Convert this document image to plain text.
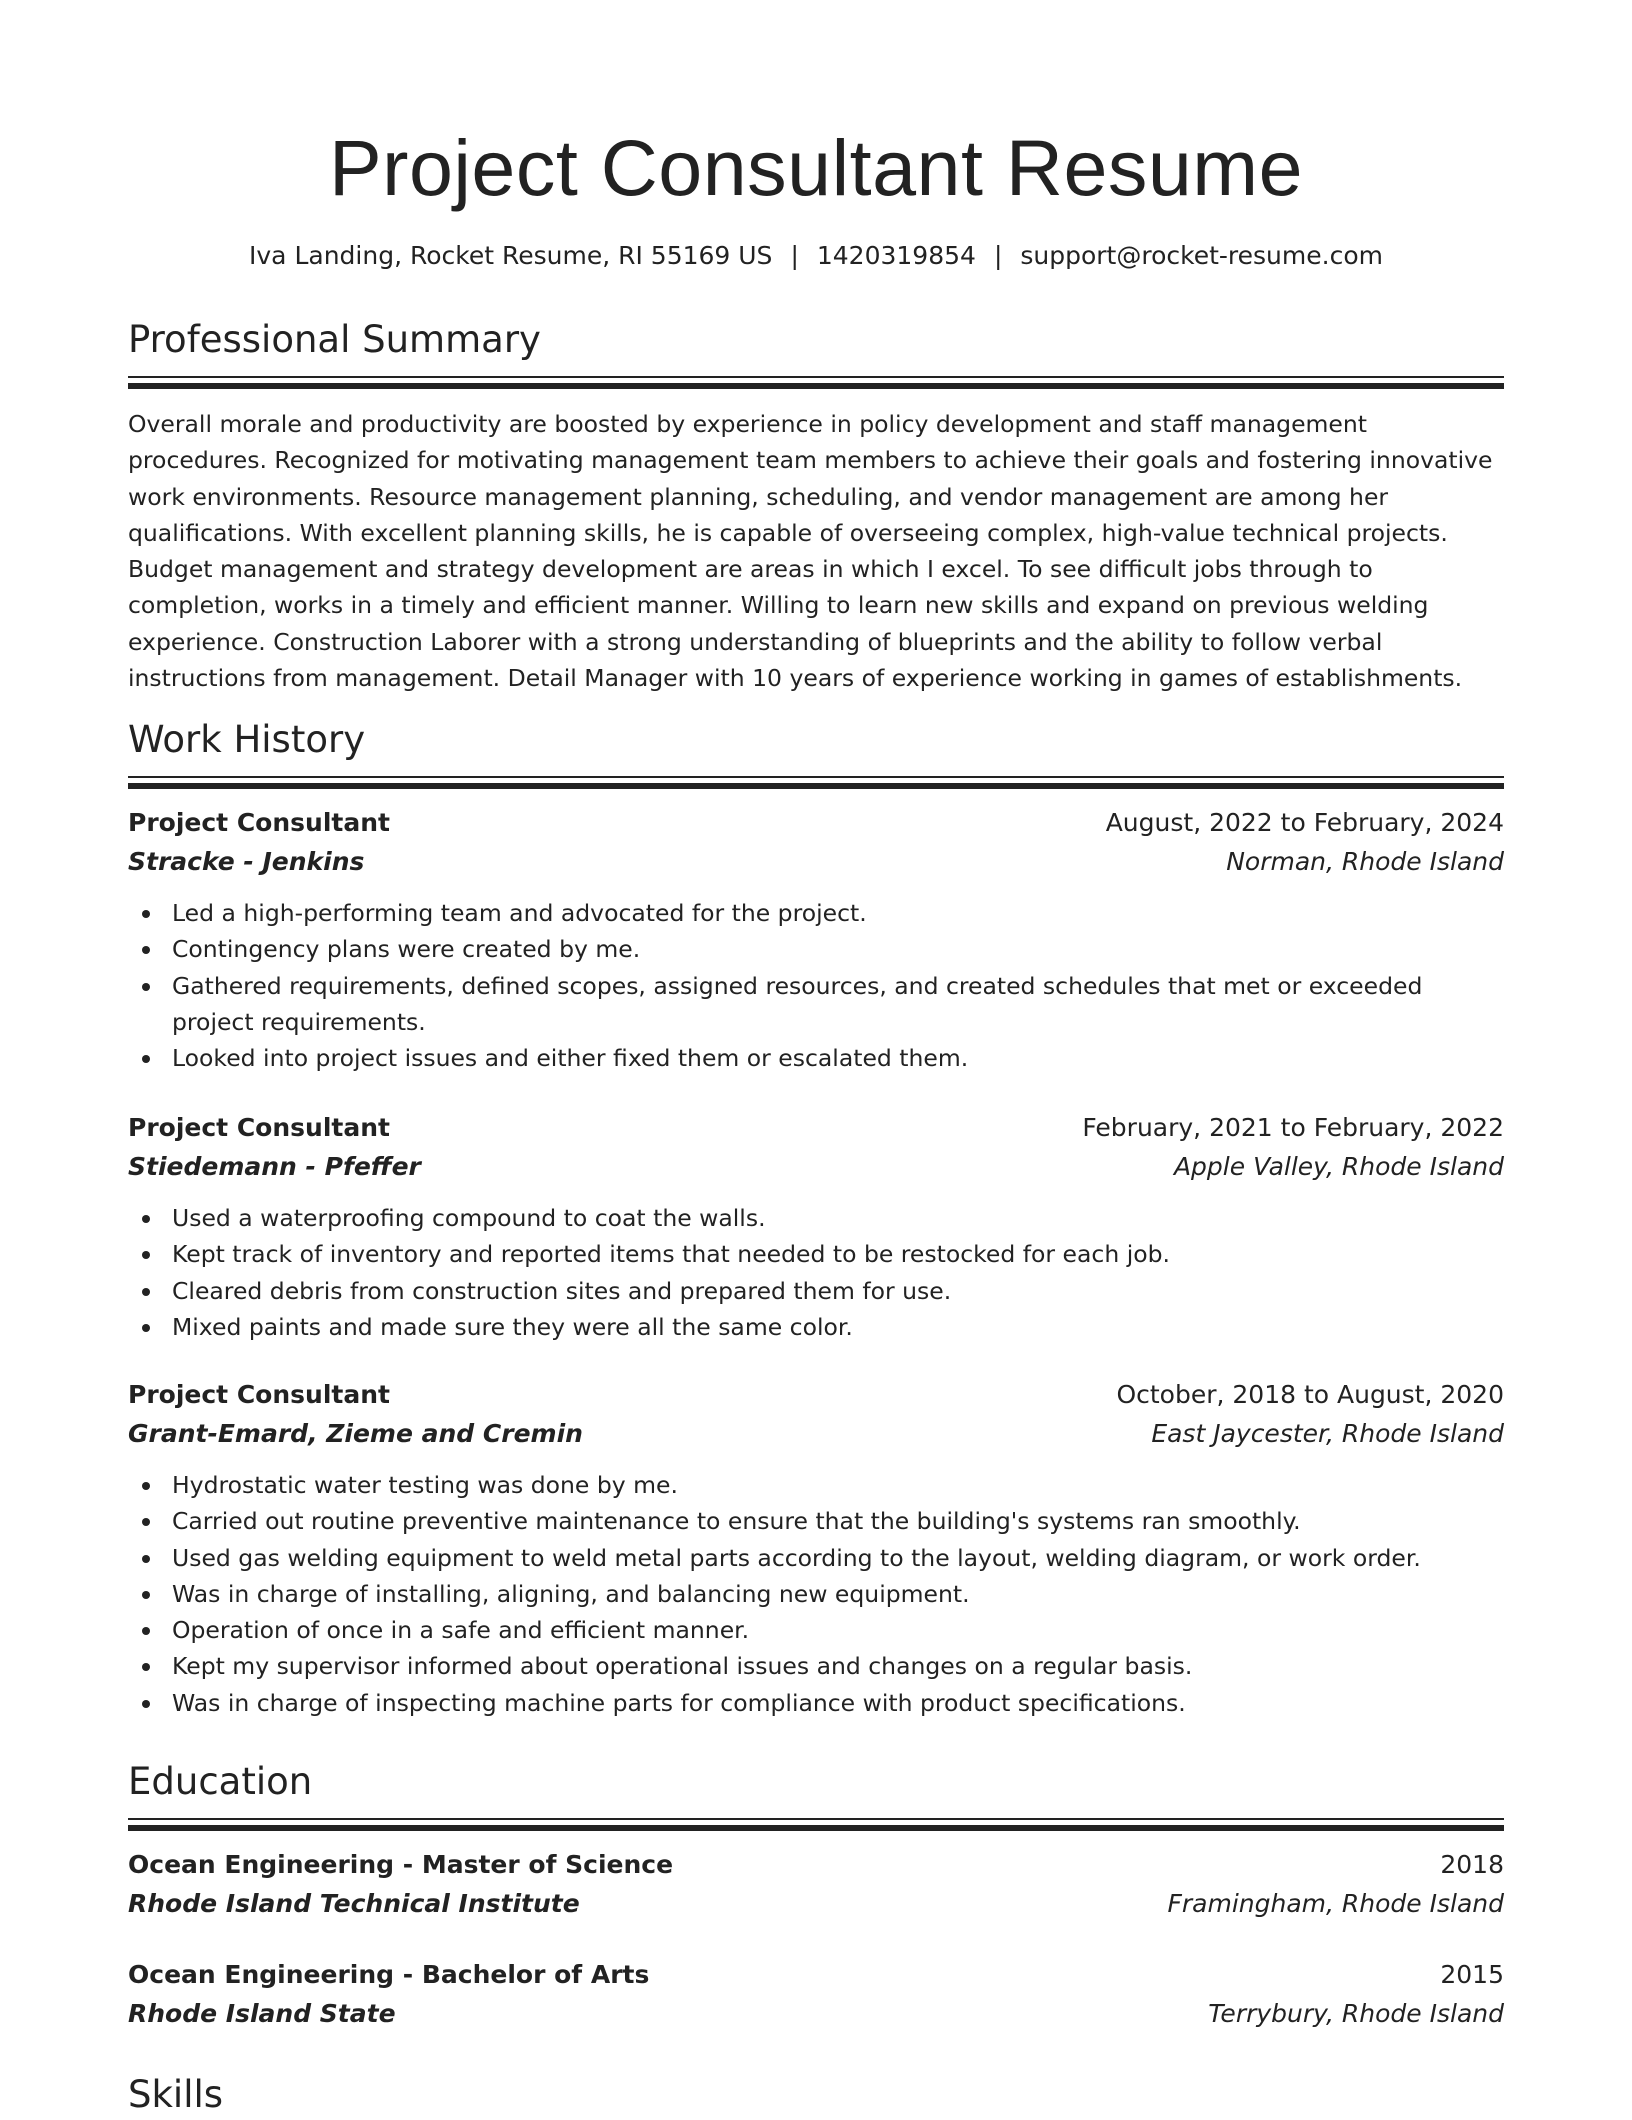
Project Consultant Resume
Iva Landing, Rocket Resume, RI 55169 US | 1420319854 | support@rocket-resume.com
Professional Summary

Overall morale and productivity are boosted by experience in policy development and staff management procedures. Recognized for motivating management team members to achieve their goals and fostering innovative work environments. Resource management planning, scheduling, and vendor management are among her qualifications. With excellent planning skills, he is capable of overseeing complex, high-value technical projects. Budget management and strategy development are areas in which I excel. To see difficult jobs through to completion, works in a timely and efficient manner. Willing to learn new skills and expand on previous welding experience. Construction Laborer with a strong understanding of blueprints and the ability to follow verbal instructions from management. Detail Manager with 10 years of experience working in games of establishments.

Work History
Project Consultant	August, 2022 to February, 2024
Stracke - Jenkins	Norman, Rhode Island
Led a high-performing team and advocated for the project.
Contingency plans were created by me.
Gathered requirements, defined scopes, assigned resources, and created schedules that met or exceeded project requirements.
Looked into project issues and either fixed them or escalated them.
Project Consultant	February, 2021 to February, 2022
Stiedemann - Pfeffer	Apple Valley, Rhode Island
Used a waterproofing compound to coat the walls.
Kept track of inventory and reported items that needed to be restocked for each job.
Cleared debris from construction sites and prepared them for use.
Mixed paints and made sure they were all the same color.
Project Consultant	October, 2018 to August, 2020
Grant-Emard, Zieme and Cremin	East Jaycester, Rhode Island
Hydrostatic water testing was done by me.
Carried out routine preventive maintenance to ensure that the building's systems ran smoothly.
Used gas welding equipment to weld metal parts according to the layout, welding diagram, or work order.
Was in charge of installing, aligning, and balancing new equipment.
Operation of once in a safe and efficient manner.
Kept my supervisor informed about operational issues and changes on a regular basis.
Was in charge of inspecting machine parts for compliance with product specifications.
Education
Ocean Engineering - Master of Science	2018
Rhode Island Technical Institute	Framingham, Rhode Island
Ocean Engineering - Bachelor of Arts	2015
Rhode Island State	Terrybury, Rhode Island
Skills
